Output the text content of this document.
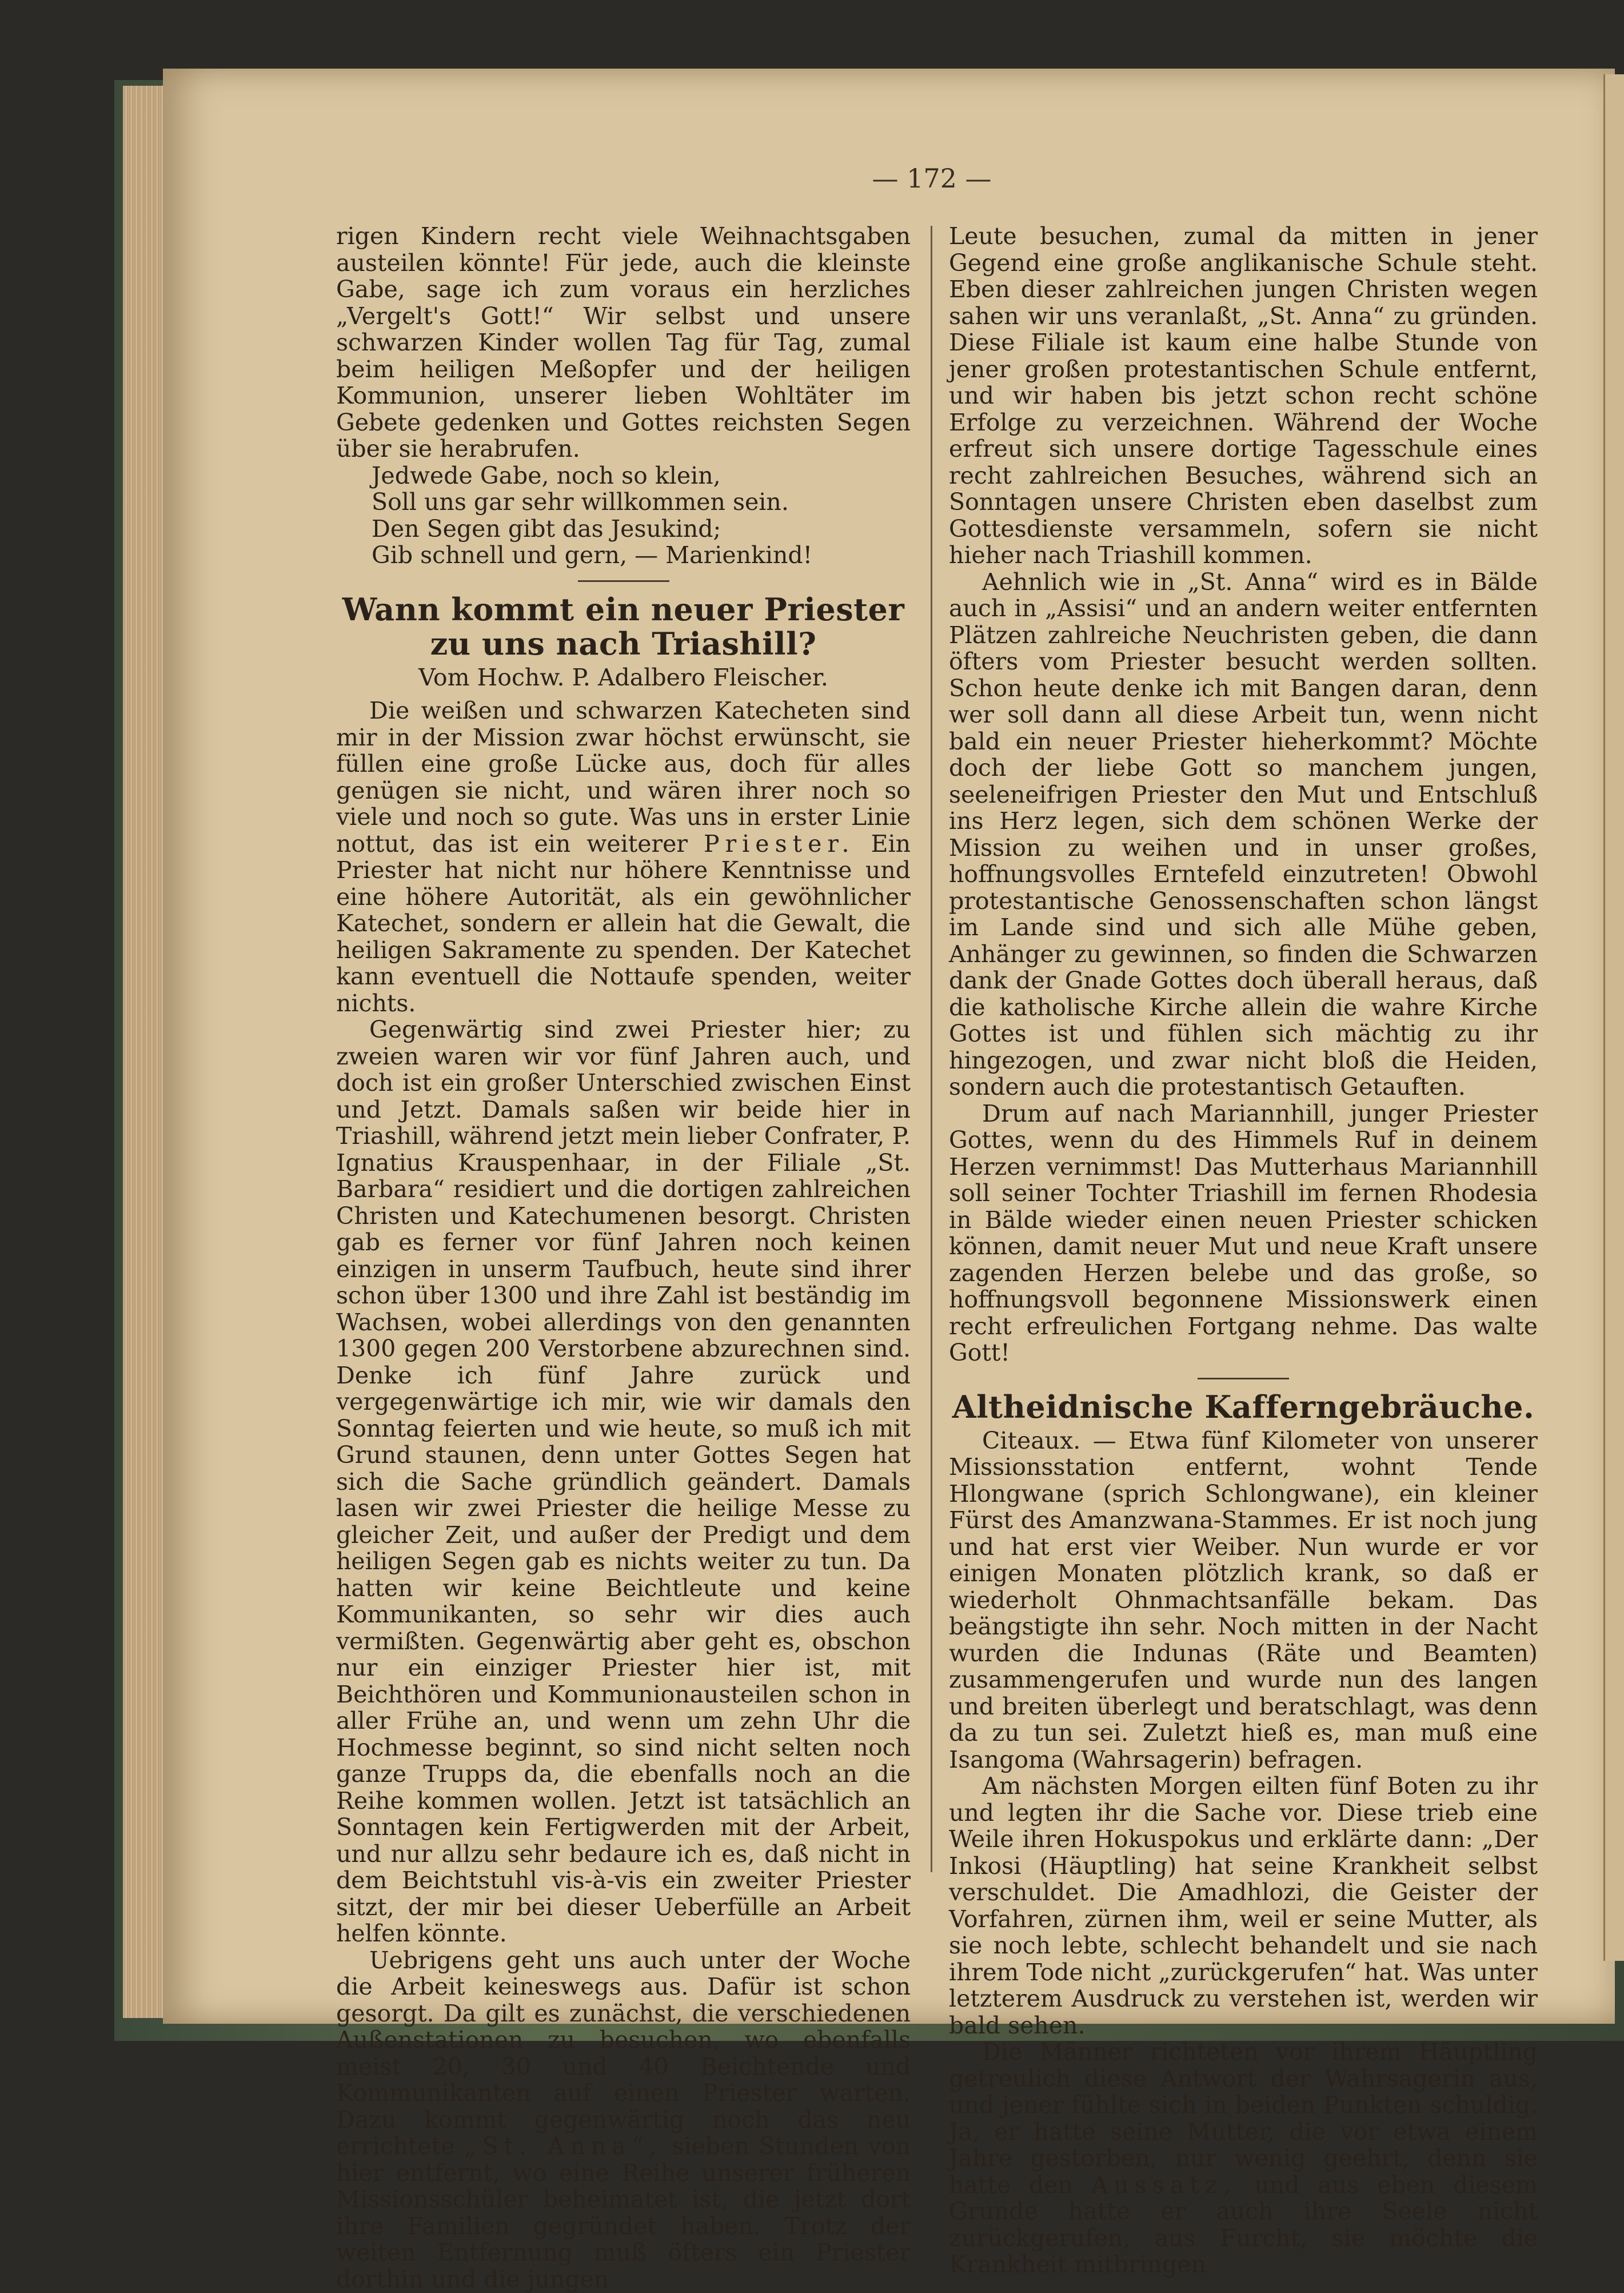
— 172 —

rigen Kindern recht viele Weihnachtsgaben austeilen könnte! Für jede, auch die kleinste Gabe, sage ich zum voraus ein herzliches „Vergelt's Gott!“ Wir selbst und unsere schwarzen Kinder wollen Tag für Tag, zumal beim heiligen Meßopfer und der heiligen Kommunion, unserer lieben Wohltäter im Gebete gedenken und Gottes reichsten Segen über sie herabrufen.

Jedwede Gabe, noch so klein,
Soll uns gar sehr willkommen sein.
Den Segen gibt das Jesukind;
Gib schnell und gern, — Marienkind!
Wann kommt ein neuer Priester zu uns nach Triashill?
Vom Hochw. P. Adalbero Fleischer.

Die weißen und schwarzen Katecheten sind mir in der Mission zwar höchst erwünscht, sie füllen eine große Lücke aus, doch für alles genügen sie nicht, und wären ihrer noch so viele und noch so gute. Was uns in erster Linie nottut, das ist ein weiterer Priester. Ein Priester hat nicht nur höhere Kenntnisse und eine höhere Autorität, als ein gewöhnlicher Katechet, sondern er allein hat die Gewalt, die heiligen Sakramente zu spenden. Der Katechet kann eventuell die Nottaufe spenden, weiter nichts.

Gegenwärtig sind zwei Priester hier; zu zweien waren wir vor fünf Jahren auch, und doch ist ein großer Unterschied zwischen Einst und Jetzt. Damals saßen wir beide hier in Triashill, während jetzt mein lieber Confrater, P. Ignatius Krauspenhaar, in der Filiale „St. Barbara“ residiert und die dortigen zahlreichen Christen und Katechumenen besorgt. Christen gab es ferner vor fünf Jahren noch keinen einzigen in unserm Taufbuch, heute sind ihrer schon über 1300 und ihre Zahl ist beständig im Wachsen, wobei allerdings von den genannten 1300 gegen 200 Verstorbene abzurechnen sind. Denke ich fünf Jahre zurück und vergegenwärtige ich mir, wie wir damals den Sonntag feierten und wie heute, so muß ich mit Grund staunen, denn unter Gottes Segen hat sich die Sache gründlich geändert. Damals lasen wir zwei Priester die heilige Messe zu gleicher Zeit, und außer der Predigt und dem heiligen Segen gab es nichts weiter zu tun. Da hatten wir keine Beichtleute und keine Kommunikanten, so sehr wir dies auch vermißten. Gegenwärtig aber geht es, obschon nur ein einziger Priester hier ist, mit Beichthören und Kommunionausteilen schon in aller Frühe an, und wenn um zehn Uhr die Hochmesse beginnt, so sind nicht selten noch ganze Trupps da, die ebenfalls noch an die Reihe kommen wollen. Jetzt ist tatsächlich an Sonntagen kein Fertigwerden mit der Arbeit, und nur allzu sehr bedaure ich es, daß nicht in dem Beichtstuhl vis-à-vis ein zweiter Priester sitzt, der mir bei dieser Ueberfülle an Arbeit helfen könnte.

Uebrigens geht uns auch unter der Woche die Arbeit keineswegs aus. Dafür ist schon gesorgt. Da gilt es zunächst, die verschiedenen Außenstationen zu besuchen, wo ebenfalls meist 20, 30 und 40 Beichtende und Kommunikanten auf einen Priester warten. Dazu kommt gegenwärtig noch das neu errichtete „St. Anna“, sieben Stunden von hier entfernt, wo eine Reihe unserer früheren Missionsschüler beheimatet ist, die jetzt dort ihre Familien gegründet haben. Trotz der weiten Entfernung muß öfters ein Priester dorthin und die jungen

Leute besuchen, zumal da mitten in jener Gegend eine große anglikanische Schule steht. Eben dieser zahlreichen jungen Christen wegen sahen wir uns veranlaßt, „St. Anna“ zu gründen. Diese Filiale ist kaum eine halbe Stunde von jener großen protestantischen Schule entfernt, und wir haben bis jetzt schon recht schöne Erfolge zu verzeichnen. Während der Woche erfreut sich unsere dortige Tagesschule eines recht zahlreichen Besuches, während sich an Sonntagen unsere Christen eben daselbst zum Gottesdienste versammeln, sofern sie nicht hieher nach Triashill kommen.

Aehnlich wie in „St. Anna“ wird es in Bälde auch in „Assisi“ und an andern weiter entfernten Plätzen zahlreiche Neuchristen geben, die dann öfters vom Priester besucht werden sollten. Schon heute denke ich mit Bangen daran, denn wer soll dann all diese Arbeit tun, wenn nicht bald ein neuer Priester hieherkommt? Möchte doch der liebe Gott so manchem jungen, seeleneifrigen Priester den Mut und Entschluß ins Herz legen, sich dem schönen Werke der Mission zu weihen und in unser großes, hoffnungsvolles Erntefeld einzutreten! Obwohl protestantische Genossenschaften schon längst im Lande sind und sich alle Mühe geben, Anhänger zu gewinnen, so finden die Schwarzen dank der Gnade Gottes doch überall heraus, daß die katholische Kirche allein die wahre Kirche Gottes ist und fühlen sich mächtig zu ihr hingezogen, und zwar nicht bloß die Heiden, sondern auch die protestantisch Getauften.

Drum auf nach Mariannhill, junger Priester Gottes, wenn du des Himmels Ruf in deinem Herzen vernimmst! Das Mutterhaus Mariannhill soll seiner Tochter Triashill im fernen Rhodesia in Bälde wieder einen neuen Priester schicken können, damit neuer Mut und neue Kraft unsere zagenden Herzen belebe und das große, so hoffnungsvoll begonnene Missionswerk einen recht erfreulichen Fortgang nehme. Das walte Gott!

Altheidnische Kafferngebräuche.

Citeaux. — Etwa fünf Kilometer von unserer Missionsstation entfernt, wohnt Tende Hlongwane (sprich Schlongwane), ein kleiner Fürst des Amanzwana-Stammes. Er ist noch jung und hat erst vier Weiber. Nun wurde er vor einigen Monaten plötzlich krank, so daß er wiederholt Ohnmachtsanfälle bekam. Das beängstigte ihn sehr. Noch mitten in der Nacht wurden die Indunas (Räte und Beamten) zusammengerufen und wurde nun des langen und breiten überlegt und beratschlagt, was denn da zu tun sei. Zuletzt hieß es, man muß eine Isangoma (Wahrsagerin) befragen.

Am nächsten Morgen eilten fünf Boten zu ihr und legten ihr die Sache vor. Diese trieb eine Weile ihren Hokuspokus und erklärte dann: „Der Inkosi (Häuptling) hat seine Krankheit selbst verschuldet. Die Amadhlozi, die Geister der Vorfahren, zürnen ihm, weil er seine Mutter, als sie noch lebte, schlecht behandelt und sie nach ihrem Tode nicht „zurückgerufen“ hat. Was unter letzterem Ausdruck zu verstehen ist, werden wir bald sehen.

Die Männer richteten vor ihrem Häuptling getreulich diese Antwort der Wahrsagerin aus, und jener fühlte sich in beiden Punkten schuldig. Ja, er hatte seine Mutter, die vor etwa einem Jahre gestorben, nur wenig geehrt, denn sie hatte den Aussatz, und aus eben diesem Grunde hatte er auch ihre Seele nicht zurückgerufen, aus Furcht, sie möchte die Krankheit mitbringen
